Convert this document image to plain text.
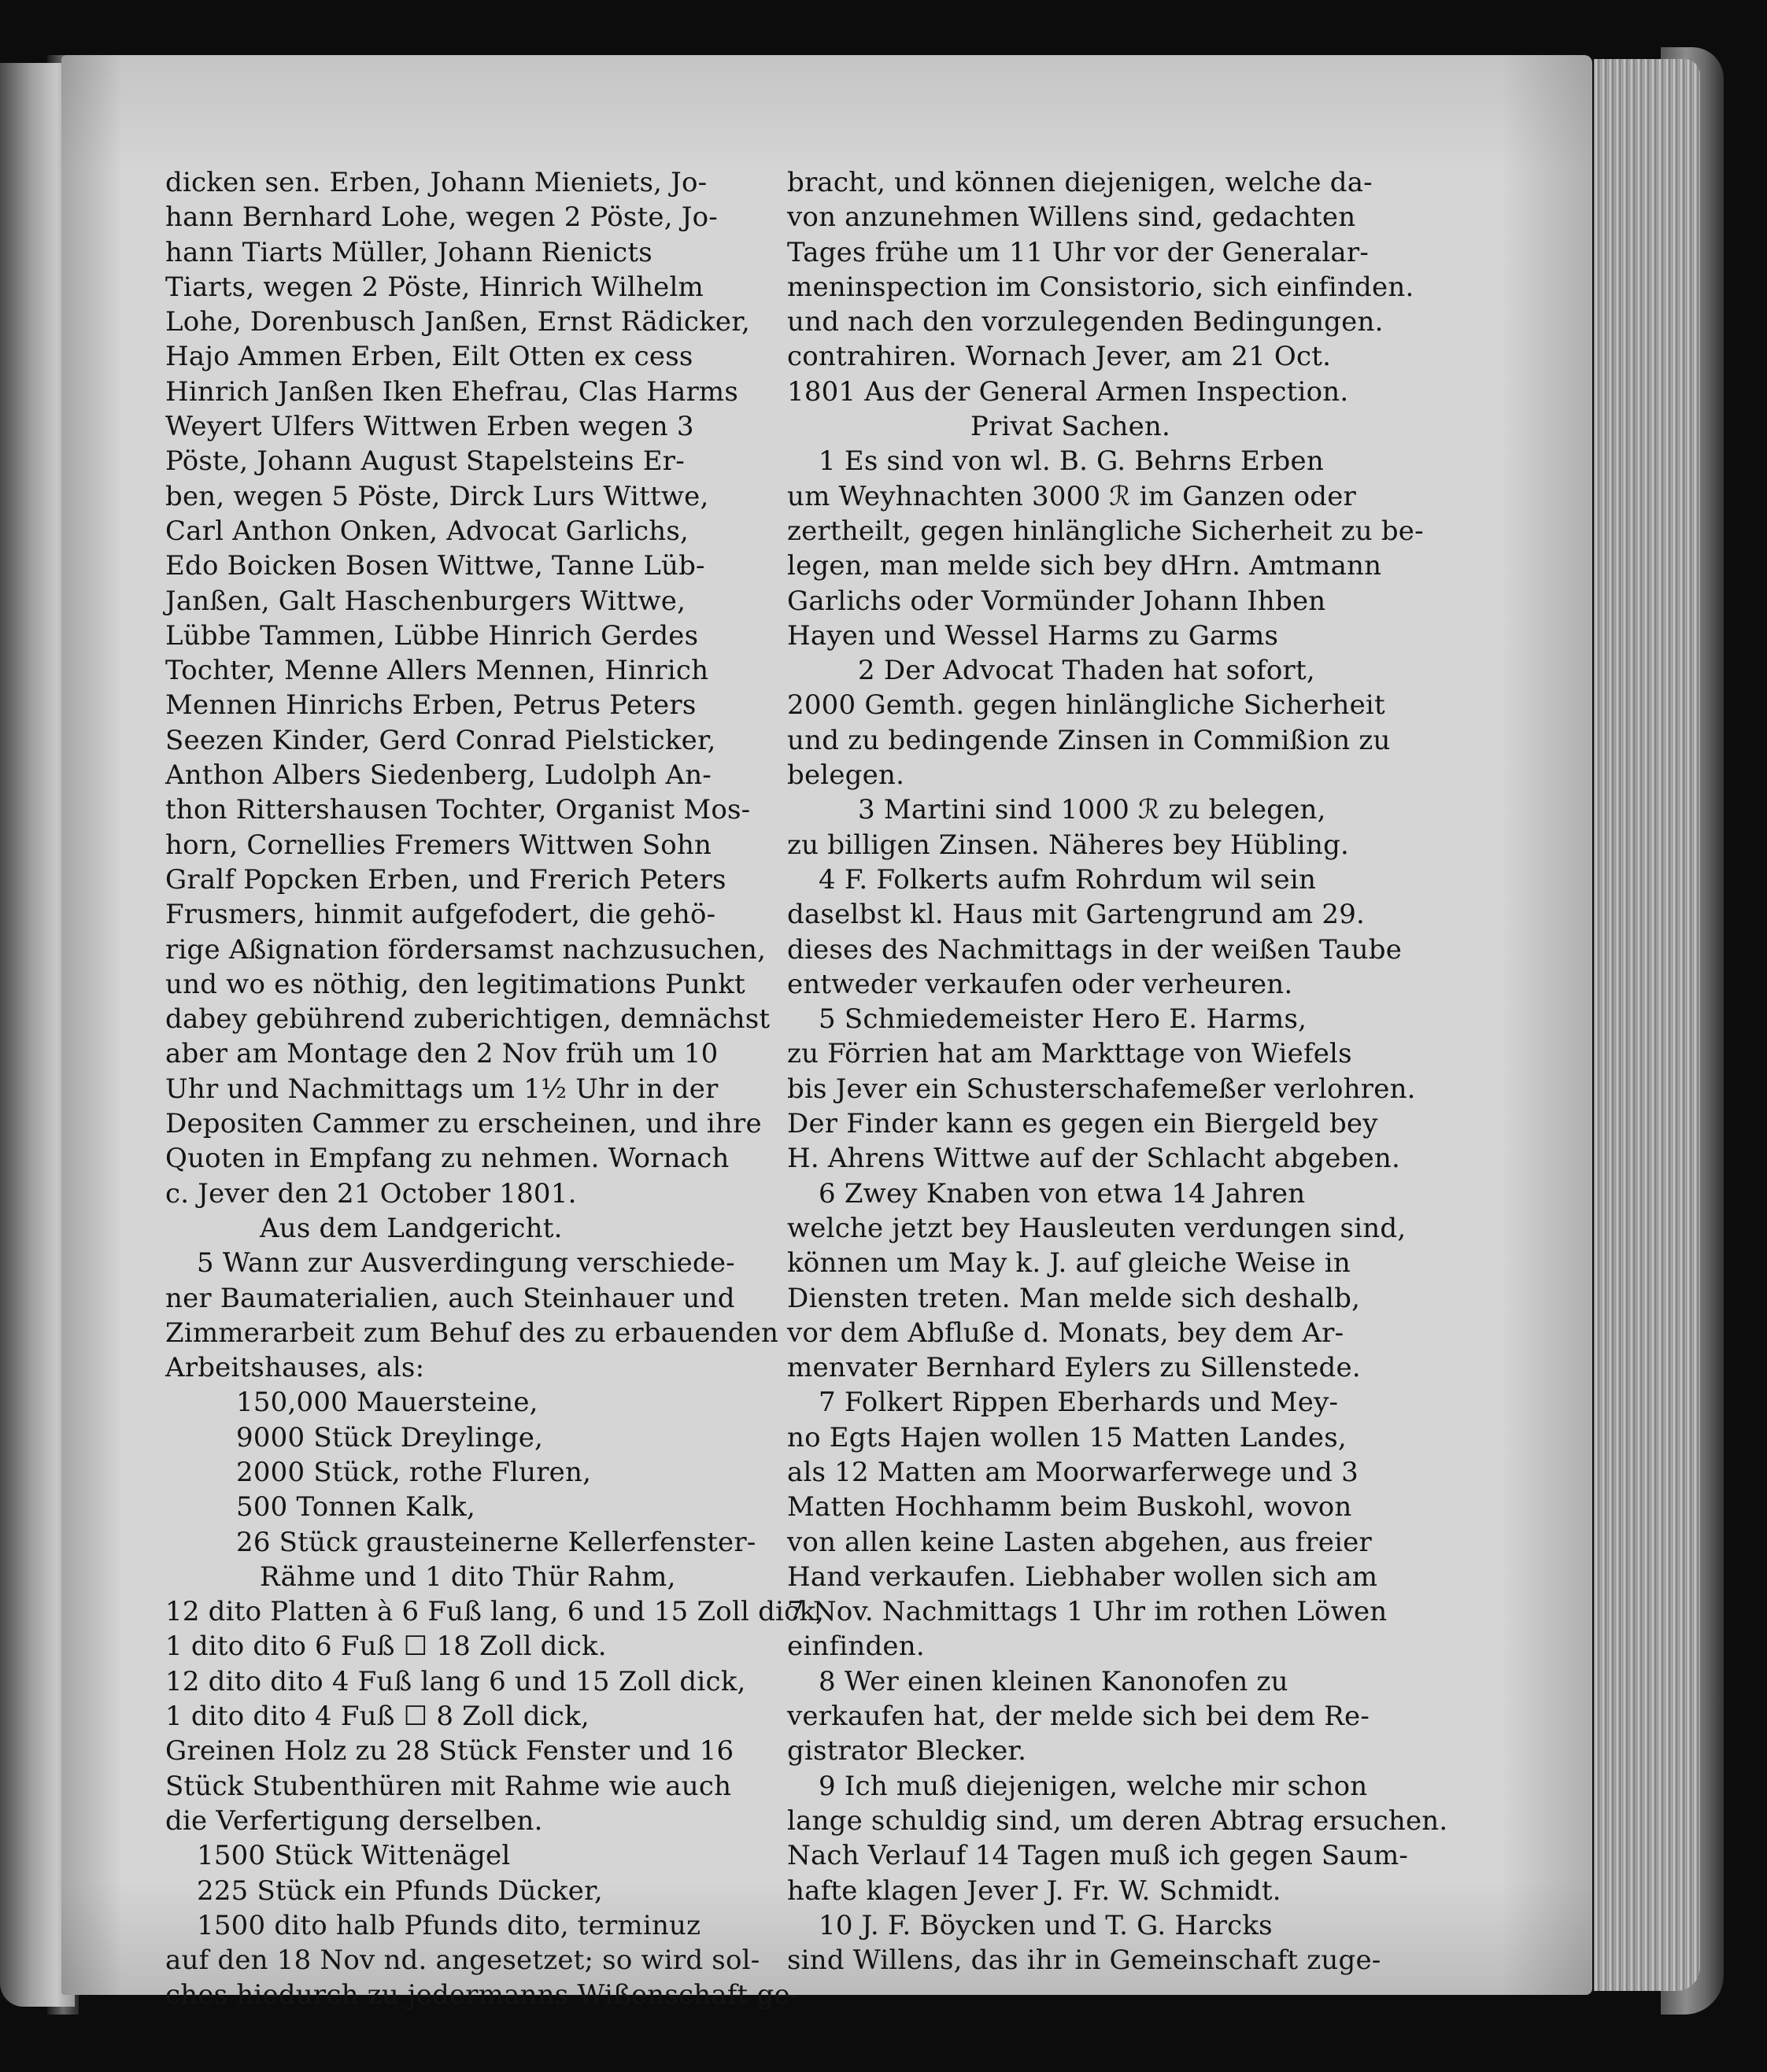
dicken sen. Erben, Johann Mieniets, Jo-
hann Bernhard Lohe, wegen 2 Pöste, Jo-
hann Tiarts Müller, Johann Rienicts
Tiarts, wegen 2 Pöste, Hinrich Wilhelm
Lohe, Dorenbusch Janßen, Ernst Rädicker,
Hajo Ammen Erben, Eilt Otten ex cess
Hinrich Janßen Iken Ehefrau, Clas Harms
Weyert Ulfers Wittwen Erben wegen 3
Pöste, Johann August Stapelsteins Er-
ben, wegen 5 Pöste, Dirck Lurs Wittwe,
Carl Anthon Onken, Advocat Garlichs,
Edo Boicken Bosen Wittwe, Tanne Lüb-
Janßen, Galt Haschenburgers Wittwe,
Lübbe Tammen, Lübbe Hinrich Gerdes
Tochter, Menne Allers Mennen, Hinrich
Mennen Hinrichs Erben, Petrus Peters
Seezen Kinder, Gerd Conrad Pielsticker,
Anthon Albers Siedenberg, Ludolph An-
thon Rittershausen Tochter, Organist Mos-
horn, Cornellies Fremers Wittwen Sohn
Gralf Popcken Erben, und Frerich Peters
Frusmers, hinmit aufgefodert, die gehö-
rige Aßignation fördersamst nachzusuchen,
und wo es nöthig, den legitimations Punkt
dabey gebührend zuberichtigen, demnächst
aber am Montage den 2 Nov früh um 10
Uhr und Nachmittags um 1½ Uhr in der
Depositen Cammer zu erscheinen, und ihre
Quoten in Empfang zu nehmen. Wornach
c. Jever den 21 October 1801.
Aus dem Landgericht.
5 Wann zur Ausverdingung verschiede-
ner Baumaterialien, auch Steinhauer und
Zimmerarbeit zum Behuf des zu erbauenden
Arbeitshauses, als:
150,000 Mauersteine,
9000 Stück Dreylinge,
2000 Stück, rothe Fluren,
500 Tonnen Kalk,
26 Stück grausteinerne Kellerfenster-
Rähme und 1 dito Thür Rahm,
12 dito Platten à 6 Fuß lang, 6 und 15 Zoll dick,
1 dito dito 6 Fuß ☐ 18 Zoll dick.
12 dito dito 4 Fuß lang 6 und 15 Zoll dick,
1 dito dito 4 Fuß ☐ 8 Zoll dick,
Greinen Holz zu 28 Stück Fenster und 16
Stück Stubenthüren mit Rahme wie auch
die Verfertigung derselben.
1500 Stück Wittenägel
225 Stück ein Pfunds Dücker,
1500 dito halb Pfunds dito, terminuz
auf den 18 Nov nd. angesetzet; so wird sol-
ches hiedurch zu jedermanns Wißenschaft ge-
bracht, und können diejenigen, welche da-
von anzunehmen Willens sind, gedachten
Tages frühe um 11 Uhr vor der Generalar-
meninspection im Consistorio, sich einfinden.
und nach den vorzulegenden Bedingungen.
contrahiren. Wornach Jever, am 21 Oct.
1801 Aus der General Armen Inspection.
Privat Sachen.
1 Es sind von wl. B. G. Behrns Erben
um Weyhnachten 3000 ℛ im Ganzen oder
zertheilt, gegen hinlängliche Sicherheit zu be-
legen, man melde sich bey dHrn. Amtmann
Garlichs oder Vormünder Johann Ihben
Hayen und Wessel Harms zu Garms
2 Der Advocat Thaden hat sofort,
2000 Gemth. gegen hinlängliche Sicherheit
und zu bedingende Zinsen in Commißion zu
belegen.
3 Martini sind 1000 ℛ zu belegen,
zu billigen Zinsen. Näheres bey Hübling.
4 F. Folkerts aufm Rohrdum wil sein
daselbst kl. Haus mit Gartengrund am 29.
dieses des Nachmittags in der weißen Taube
entweder verkaufen oder verheuren.
5 Schmiedemeister Hero E. Harms,
zu Förrien hat am Markttage von Wiefels
bis Jever ein Schusterschafemeßer verlohren.
Der Finder kann es gegen ein Biergeld bey
H. Ahrens Wittwe auf der Schlacht abgeben.
6 Zwey Knaben von etwa 14 Jahren
welche jetzt bey Hausleuten verdungen sind,
können um May k. J. auf gleiche Weise in
Diensten treten. Man melde sich deshalb,
vor dem Abfluße d. Monats, bey dem Ar-
menvater Bernhard Eylers zu Sillenstede.
7 Folkert Rippen Eberhards und Mey-
no Egts Hajen wollen 15 Matten Landes,
als 12 Matten am Moorwarferwege und 3
Matten Hochhamm beim Buskohl, wovon
von allen keine Lasten abgehen, aus freier
Hand verkaufen. Liebhaber wollen sich am
7 Nov. Nachmittags 1 Uhr im rothen Löwen
einfinden.
8 Wer einen kleinen Kanonofen zu
verkaufen hat, der melde sich bei dem Re-
gistrator Blecker.
9 Ich muß diejenigen, welche mir schon
lange schuldig sind, um deren Abtrag ersuchen.
Nach Verlauf 14 Tagen muß ich gegen Saum-
hafte klagen Jever J. Fr. W. Schmidt.
10 J. F. Böycken und T. G. Harcks
sind Willens, das ihr in Gemeinschaft zuge-
